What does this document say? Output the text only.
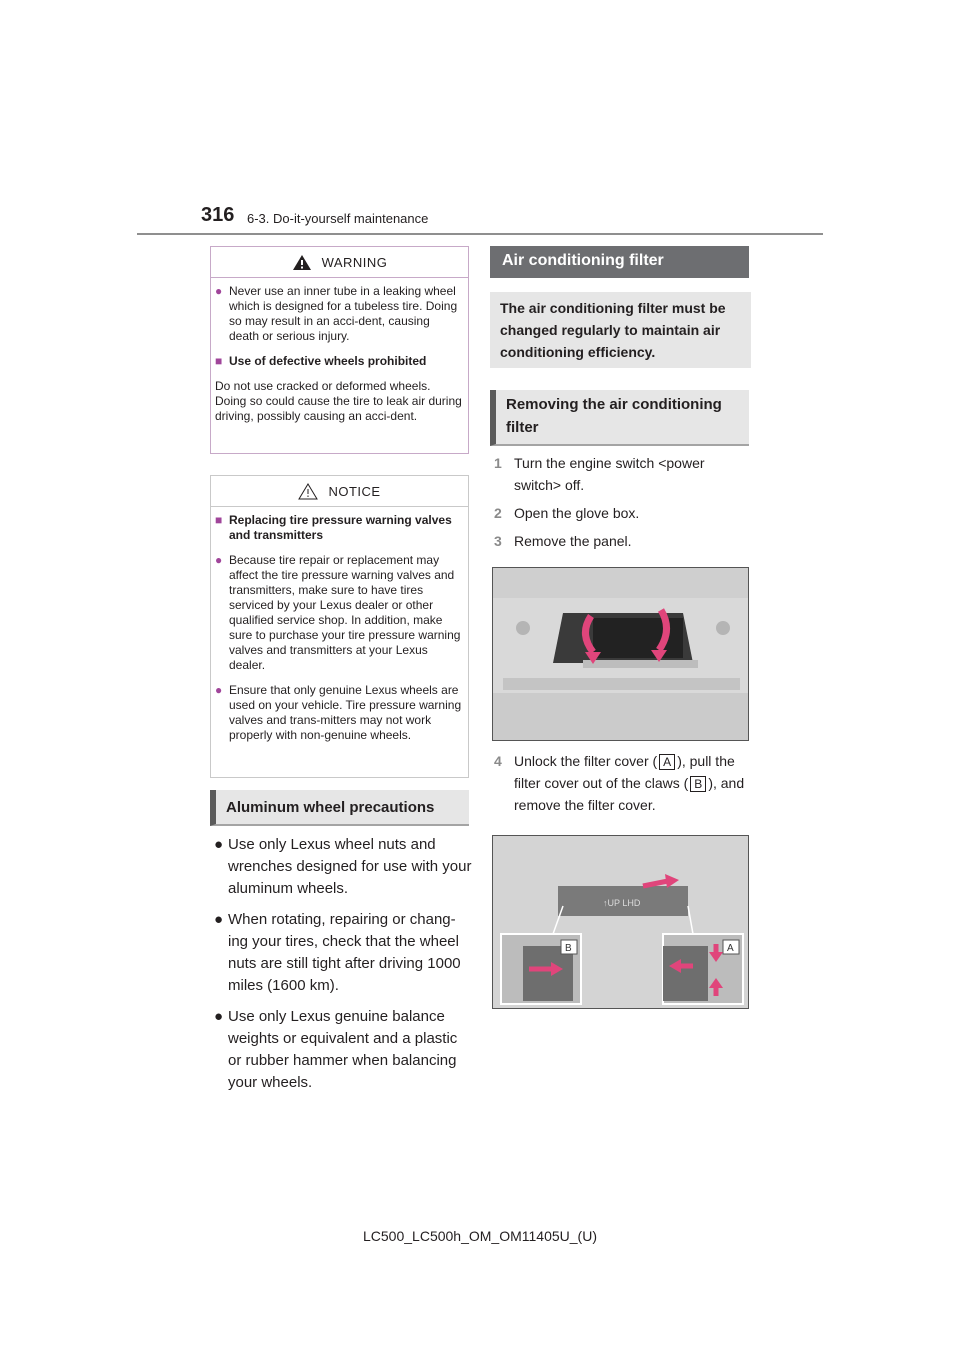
316 6-3. Do-it-yourself maintenance
WARNING
● Never use an inner tube in a leaking wheel which is designed for a tubeless tire. Doing so may result in an acci-dent, causing death or serious injury.
■ Use of defective wheels prohibited
Do not use cracked or deformed wheels. Doing so could cause the tire to leak air during driving, possibly causing an acci-dent.
NOTICE
■ Replacing tire pressure warning valves and transmitters
● Because tire repair or replacement may affect the tire pressure warning valves and transmitters, make sure to have tires serviced by your Lexus dealer or other qualified service shop. In addition, make sure to purchase your tire pressure warning valves and transmitters at your Lexus dealer.
● Ensure that only genuine Lexus wheels are used on your vehicle. Tire pressure warning valves and trans-mitters may not work properly with non-genuine wheels.
Aluminum wheel precautions
● Use only Lexus wheel nuts and wrenches designed for use with your aluminum wheels.
● When rotating, repairing or chang-ing your tires, check that the wheel nuts are still tight after driving 1000 miles (1600 km).
● Use only Lexus genuine balance weights or equivalent and a plastic or rubber hammer when balancing your wheels.
Air conditioning filter
The air conditioning filter must be changed regularly to maintain air conditioning efficiency.
Removing the air conditioning filter
1 Turn the engine switch <power switch> off.
2 Open the glove box.
3 Remove the panel.
4 Unlock the filter cover ( A ), pull the filter cover out of the claws ( B ), and remove the filter cover.
↑UP LHD
B	A
LC500_LC500h_OM_OM11405U_(U)
